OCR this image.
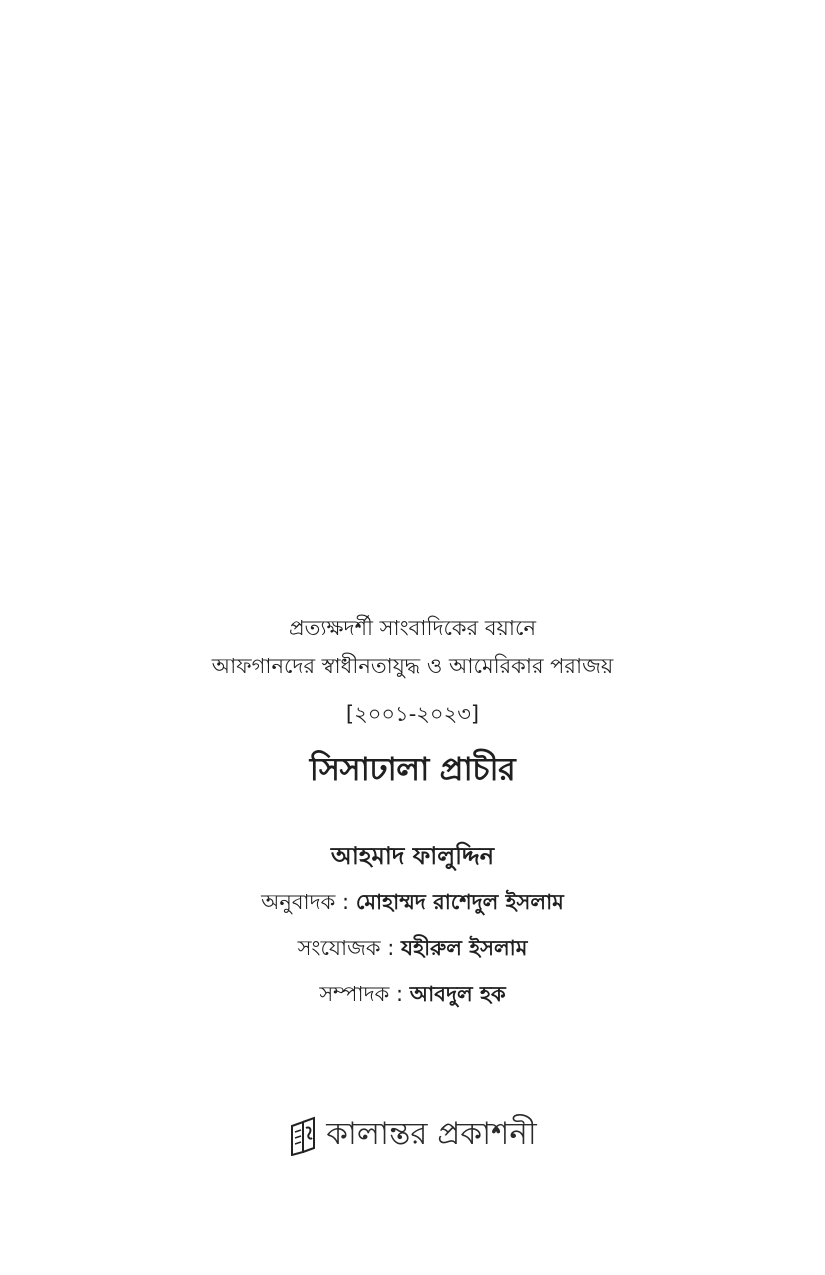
প্রত্যক্ষদর্শী সাংবাদিকের বয়ানে
আফগানদের স্বাধীনতাযুদ্ধ ও আমেরিকার পরাজয়
[২০০১-২০২৩]
সিসাঢালা প্রাচীর
আহমাদ ফালুদ্দিন
অনুবাদক : মোহাম্মদ রাশেদুল ইসলাম
সংযোজক : যহীরুল ইসলাম
সম্পাদক : আবদুল হক
কালান্তর প্রকাশনী
